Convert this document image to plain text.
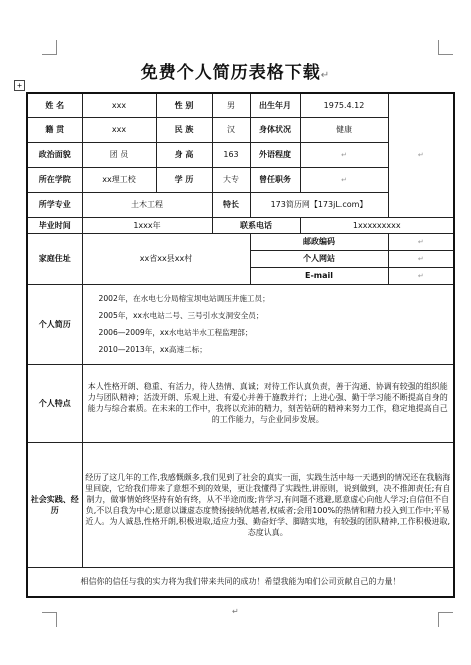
+
免费个人简历表格下载↵
姓 名	xxx	性 别	男	出生年月	1975.4.12	↵
籍 贯	xxx	民 族	汉	身体状况	健康	
政治面貌	团 员	身 高	163	外语程度	↵	
所在学院	xx理工校	学 历	大专	曾任职务	↵	
所学专业	土木工程		特长	173简历网【173jL.com】		
毕业时间	1xxx年		联系电话		1xxxxxxxxx	
家庭住址	xx省xx县xx村			邮政编码		↵
				个人网站		↵
				E-mail		↵
个人简历	2002年，在水电七分局榕宝坝电站调压井施工员；
2005年，xx水电站二号、三号引水支洞安全员；
2006—2009年，xx水电站半水工程监理部；
2010—2013年，xx高速二标；					

个人特点	本人性格开朗、稳重、有活力，待人热情、真诚；对待工作认真负责，善于沟通、协调有较强的组织能力与团队精神；活泼开朗、乐观上进、有爱心并善于施教并行；上进心强、勤于学习能不断提高自身的能力与综合素质。在未来的工作中，我将以充沛的精力，刻苦钻研的精神来努力工作，稳定地提高自己的工作能力，与企业同步发展。					
社会实践、经历	经历了这几年的工作,我感慨颇多,我们见到了社会的真实一面，实践生活中每一天遇到的情况还在我脑海里回旋，它给我们带来了意想不到的效果，更让我懂得了实践性,讲原则，说到做到，决不推卸责任;有自制力，做事情始终坚持有始有终，从不半途而废;肯学习,有问题不逃避,愿意虚心向他人学习;自信但不自负,不以自我为中心;愿意以谦虚态度赞扬接纳优越者,权威者;会用100%的热情和精力投入到工作中;平易近人。为人诚恳,性格开朗,积极进取,适应力强、勤奋好学、脚踏实地，有较强的团队精神,工作积极进取,态度认真。					
相信你的信任与我的实力将为我们带来共同的成功！希望我能为咱们公司贡献自己的力量！						
↵
